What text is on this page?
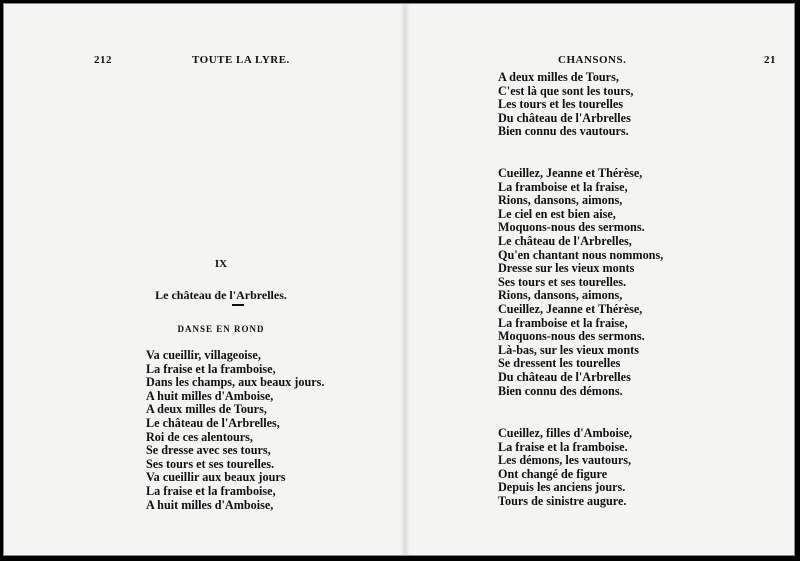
212	TOUTE LA LYRE.
IX
Le château de l'Arbrelles.
DANSE EN ROND
Va cueillir, villageoise,
La fraise et la framboise,
Dans les champs, aux beaux jours.
A huit milles d'Amboise,
A deux milles de Tours,
Le château de l'Arbrelles,
Roi de ces alentours,
Se dresse avec ses tours,
Ses tours et ses tourelles.
Va cueillir aux beaux jours
La fraise et la framboise,
A huit milles d'Amboise,
CHANSONS.	21
A deux milles de Tours,
C'est là que sont les tours,
Les tours et les tourelles
Du château de l'Arbrelles
Bien connu des vautours.
Cueillez, Jeanne et Thérèse,
La framboise et la fraise,
Rions, dansons, aimons,
Le ciel en est bien aise,
Moquons-nous des sermons.
Le château de l'Arbrelles,
Qu'en chantant nous nommons,
Dresse sur les vieux monts
Ses tours et ses tourelles.
Rions, dansons, aimons,
Cueillez, Jeanne et Thérèse,
La framboise et la fraise,
Moquons-nous des sermons.
Là-bas, sur les vieux monts
Se dressent les tourelles
Du château de l'Arbrelles
Bien connu des démons.
Cueillez, filles d'Amboise,
La fraise et la framboise.
Les démons, les vautours,
Ont changé de figure
Depuis les anciens jours.
Tours de sinistre augure.
